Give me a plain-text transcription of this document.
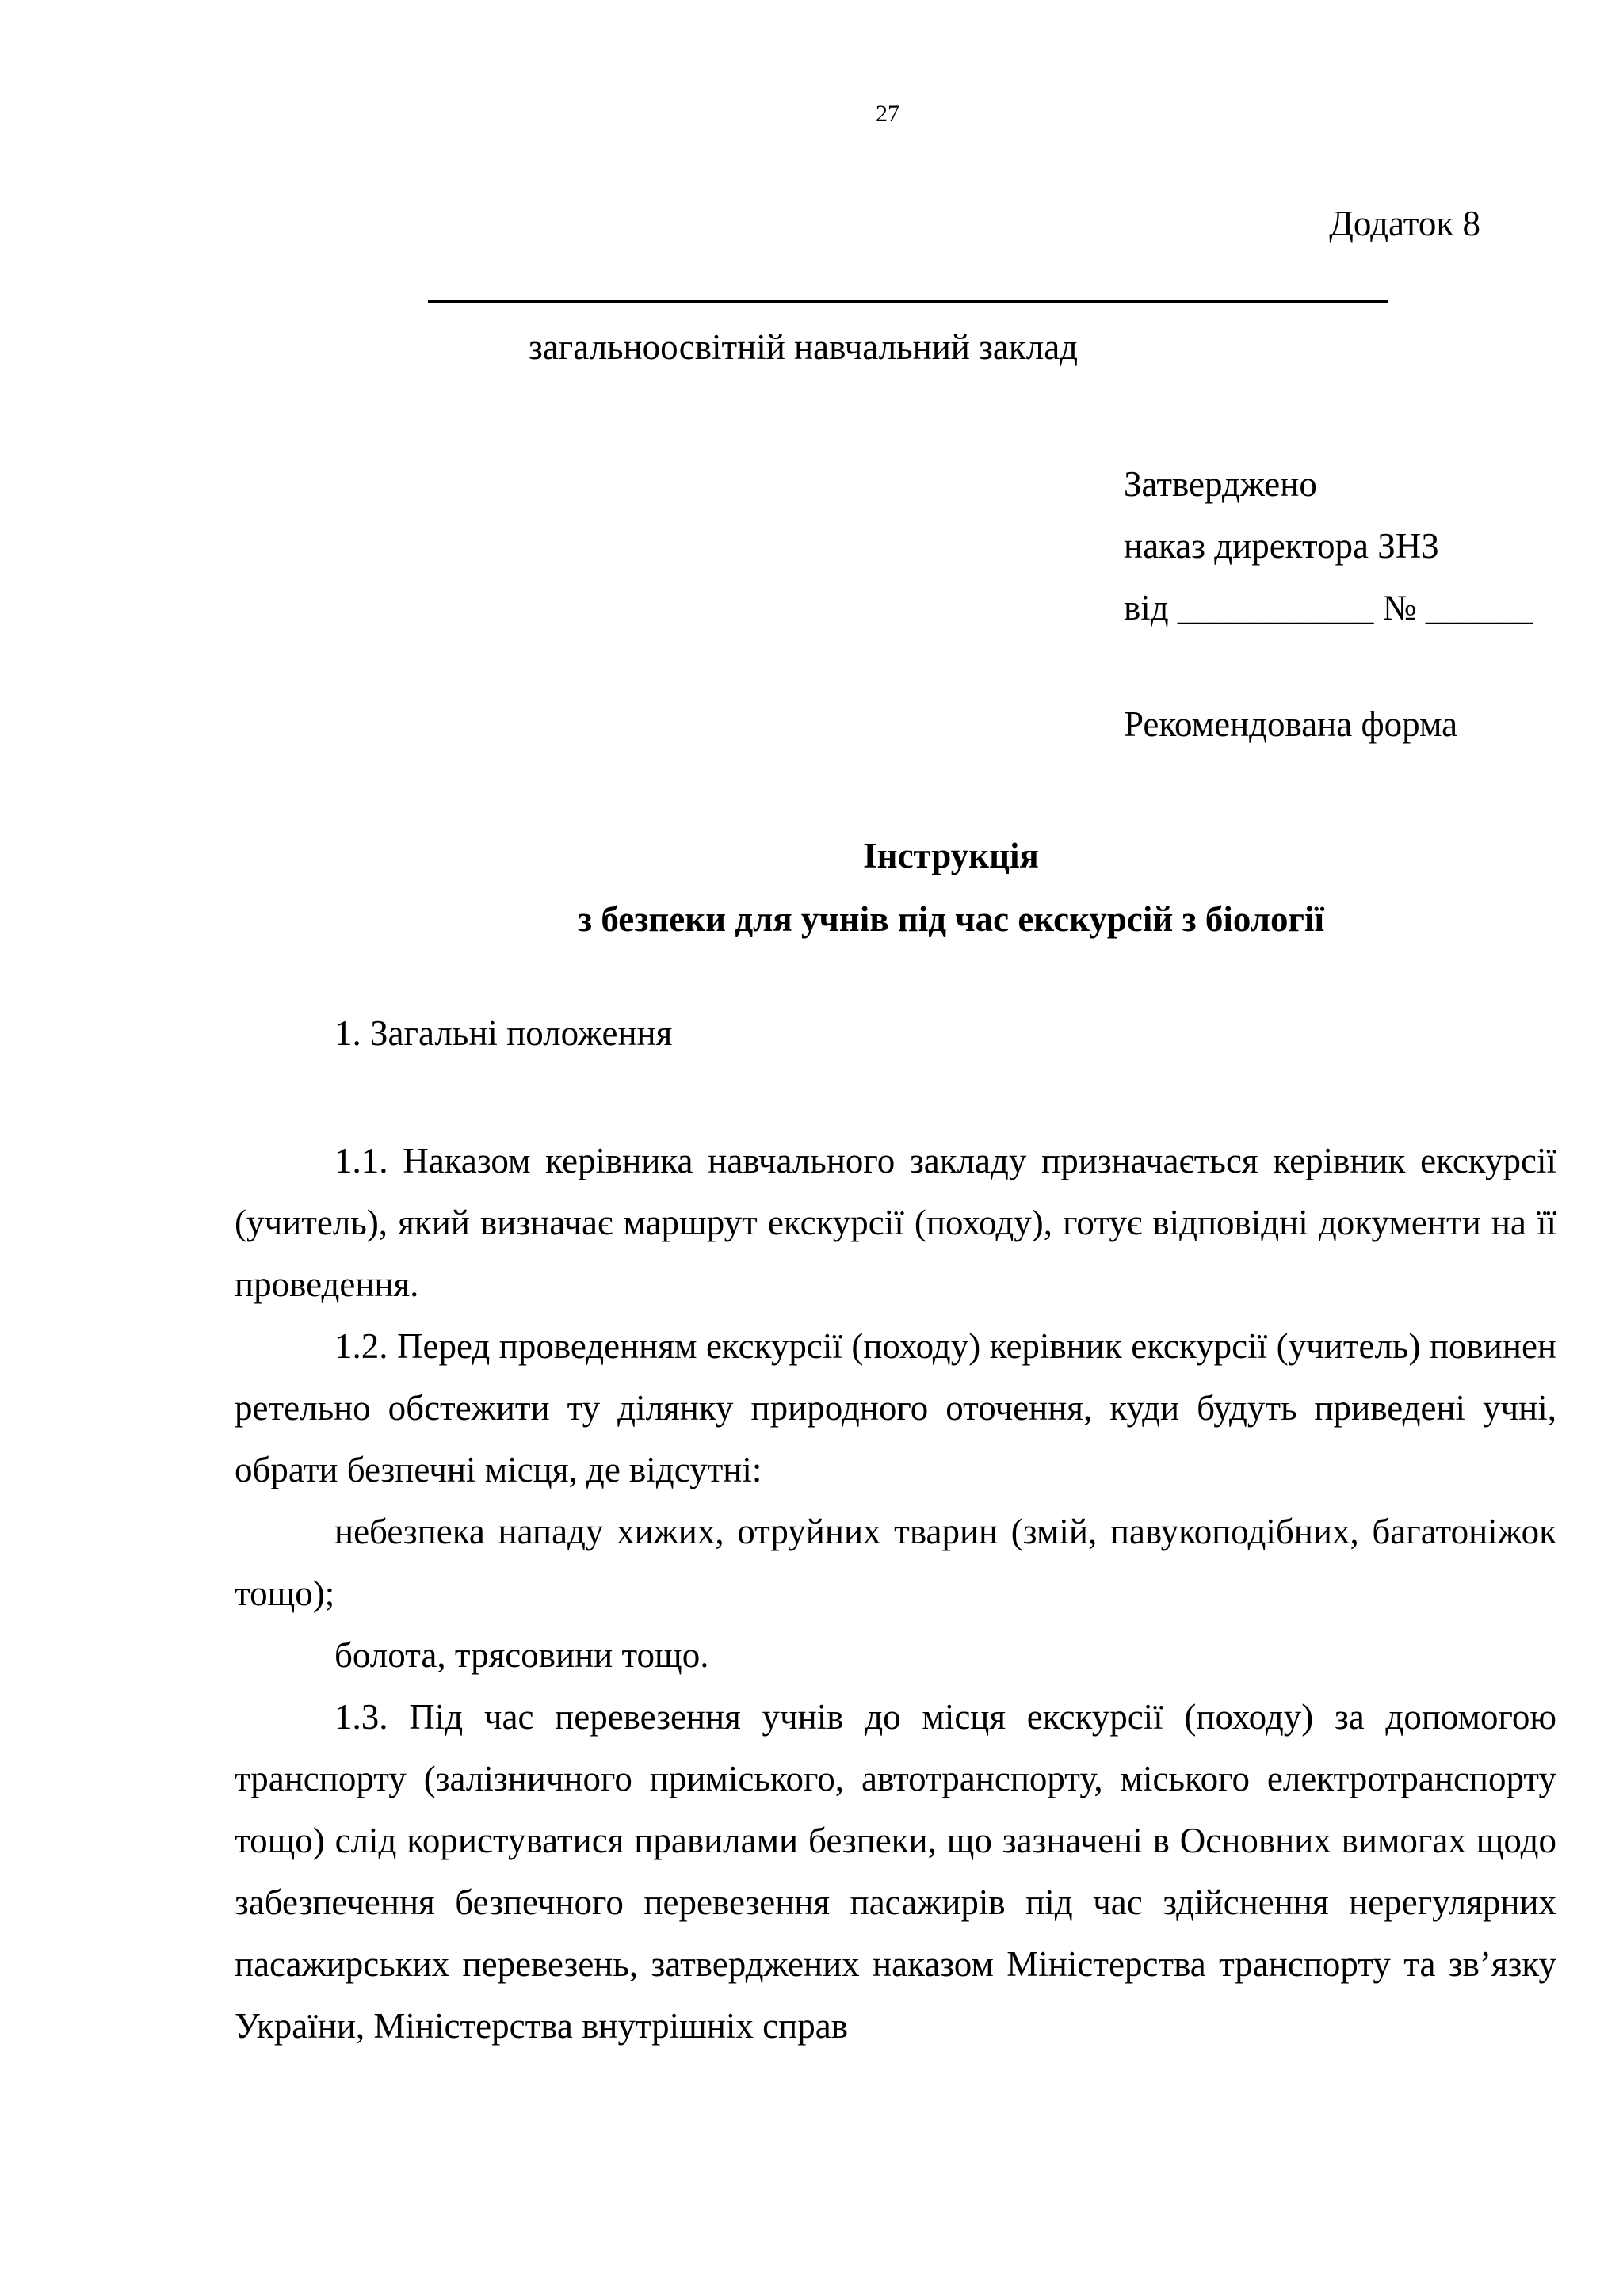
27
Додаток 8
загальноосвітній навчальний заклад
Затверджено
наказ директора ЗНЗ
від ___________ № ______
Рекомендована форма
Інструкція
з безпеки для учнів під час екскурсій з біології
1. Загальні положення

1.1. Наказом керівника навчального закладу призначається керівник екскурсії (учитель), який визначає маршрут екскурсії (походу), готує відповідні документи на її проведення.

1.2. Перед проведенням екскурсії (походу) керівник екскурсії (учитель) повинен ретельно обстежити ту ділянку природного оточення, куди будуть приведені учні, обрати безпечні місця, де відсутні:

небезпека нападу хижих, отруйних тварин (змій, павукоподібних, багатоніжок тощо);

болота, трясовини тощо.

1.3. Під час перевезення учнів до місця екскурсії (походу) за допомогою транспорту (залізничного приміського, автотранспорту, міського електротранспорту тощо) слід користуватися правилами безпеки, що зазначені в Основних вимогах щодо забезпечення безпечного перевезення пасажирів під час здійснення нерегулярних пасажирських перевезень, затверджених наказом Міністерства транспорту та зв’язку України, Міністерства внутрішніх справ
